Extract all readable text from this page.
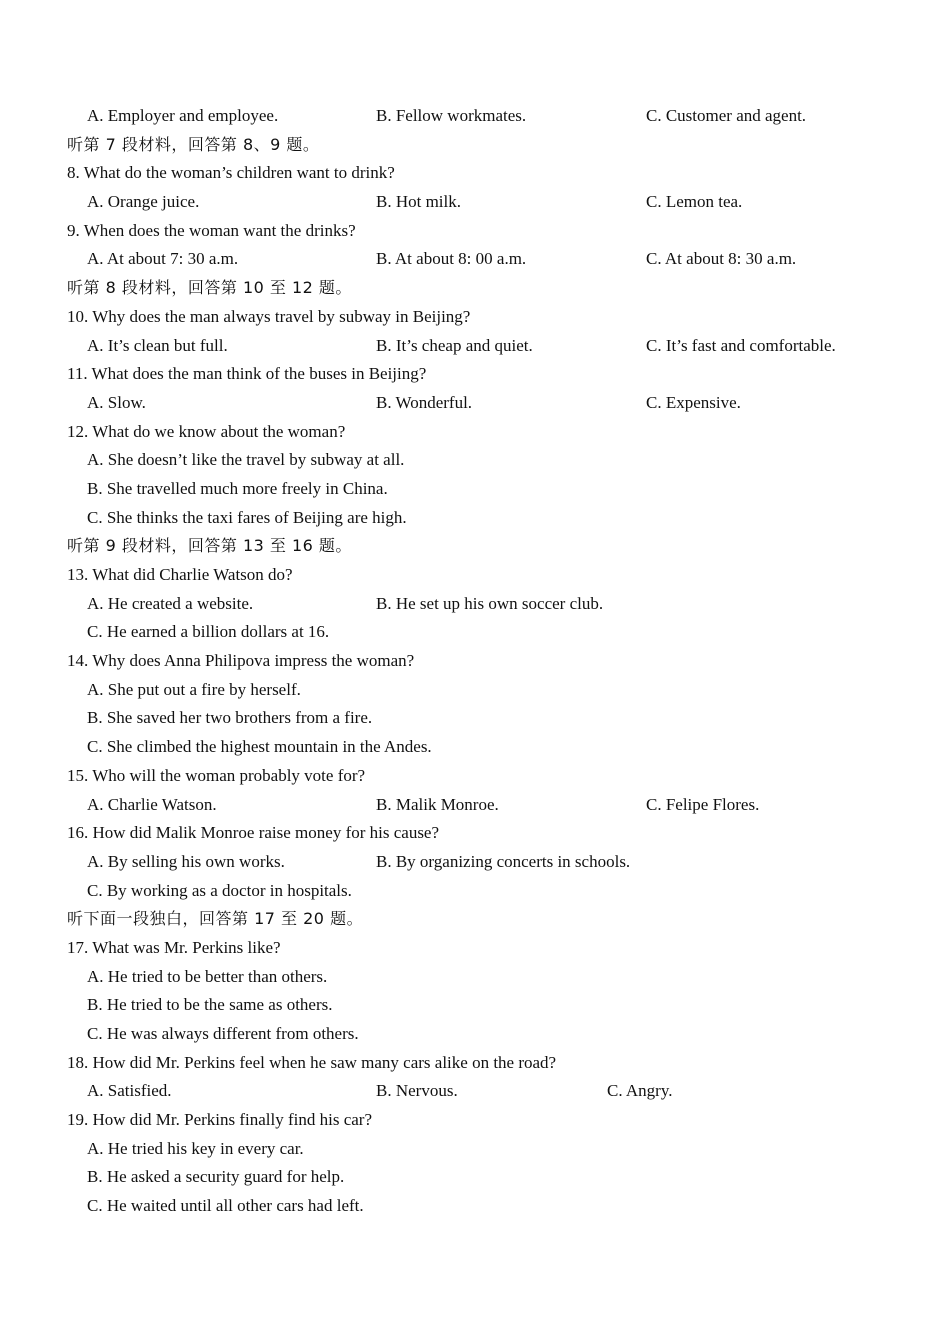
A. Employer and employee.	B. Fellow workmates.	C. Customer and agent.
听第 7 段材料，回答第 8、9 题。
8. What do the woman’s children want to drink?
A. Orange juice.	B. Hot milk.	C. Lemon tea.
9. When does the woman want the drinks?
A. At about 7: 30 a.m.	B. At about 8: 00 a.m.	C. At about 8: 30 a.m.
听第 8 段材料，回答第 10 至 12 题。
10. Why does the man always travel by subway in Beijing?
A. It’s clean but full.	B. It’s cheap and quiet.	C. It’s fast and comfortable.
11. What does the man think of the buses in Beijing?
A. Slow.	B. Wonderful.	C. Expensive.
12. What do we know about the woman?
A. She doesn’t like the travel by subway at all.
B. She travelled much more freely in China.
C. She thinks the taxi fares of Beijing are high.
听第 9 段材料，回答第 13 至 16 题。
13. What did Charlie Watson do?
A. He created a website.	B. He set up his own soccer club.
C. He earned a billion dollars at 16.
14. Why does Anna Philipova impress the woman?
A. She put out a fire by herself.
B. She saved her two brothers from a fire.
C. She climbed the highest mountain in the Andes.
15. Who will the woman probably vote for?
A. Charlie Watson.	B. Malik Monroe.	C. Felipe Flores.
16. How did Malik Monroe raise money for his cause?
A. By selling his own works.	B. By organizing concerts in schools.
C. By working as a doctor in hospitals.
听下面一段独白，回答第 17 至 20 题。
17. What was Mr. Perkins like?
A. He tried to be better than others.
B. He tried to be the same as others.
C. He was always different from others.
18. How did Mr. Perkins feel when he saw many cars alike on the road?
A. Satisfied.	B. Nervous.	C. Angry.
19. How did Mr. Perkins finally find his car?
A. He tried his key in every car.
B. He asked a security guard for help.
C. He waited until all other cars had left.
